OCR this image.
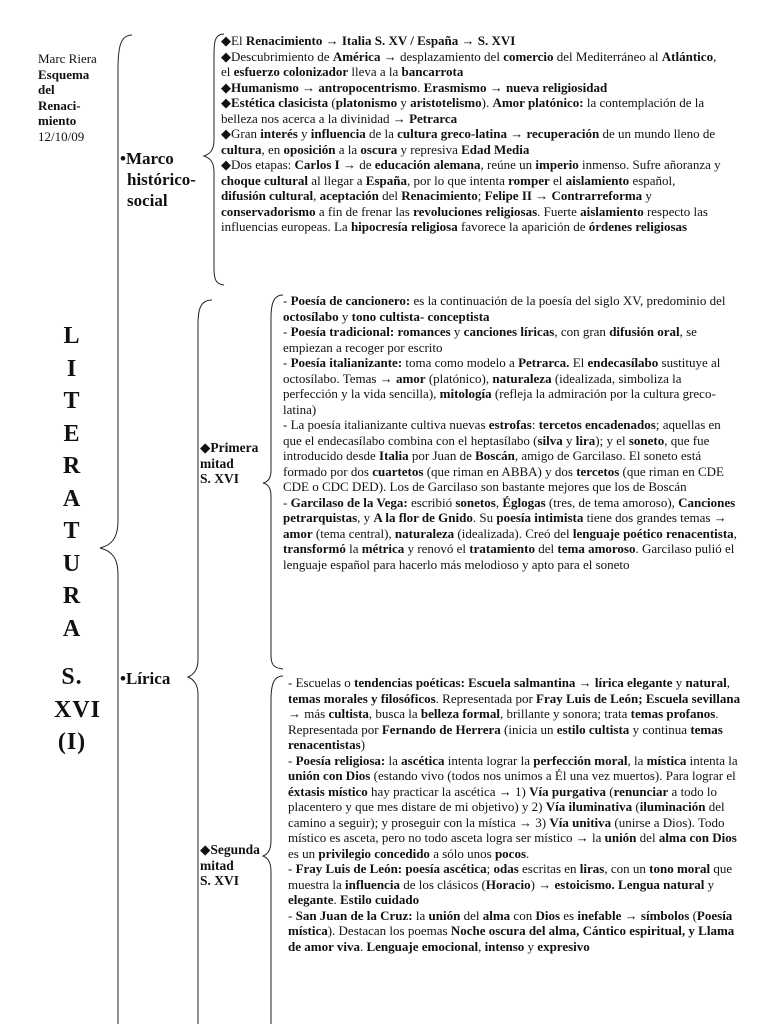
Marc Riera
Esquema
del
Renaci-
miento
12/10/09
L
I
T
E
R
A
T
U
R
A
S.
XVI
(I)
•Marco
histórico-
social

◆El Renacimiento → Italia S. XV / España → S. XVI

◆Descubrimiento de América → desplazamiento del comercio del Mediterráneo al Atlántico, el esfuerzo colonizador lleva a la bancarrota

◆Humanismo → antropocentrismo. Erasmismo → nueva religiosidad

◆Estética clasicista (platonismo y aristotelismo). Amor platónico: la contemplación de la belleza nos acerca a la divinidad → Petrarca

◆Gran interés y influencia de la cultura greco-latina → recuperación de un mundo lleno de cultura, en oposición a la oscura y represiva Edad Media

◆Dos etapas: Carlos I → de educación alemana, reúne un imperio inmenso. Sufre añoranza y choque cultural al llegar a España, por lo que intenta romper el aislamiento español, difusión cultural, aceptación del Renacimiento; Felipe II → Contrarreforma y conservadorismo a fin de frenar las revoluciones religiosas. Fuerte aislamiento respecto las influencias europeas. La hipocresía religiosa favorece la aparición de órdenes religiosas

•Lírica
◆Primera
mitad
S. XVI

- Poesía de cancionero: es la continuación de la poesía del siglo XV, predominio del octosílabo y tono cultista- conceptista

- Poesía tradicional: romances y canciones líricas, con gran difusión oral, se empiezan a recoger por escrito

- Poesía italianizante: toma como modelo a Petrarca. El endecasílabo sustituye al octosílabo. Temas → amor (platónico), naturaleza (idealizada, simboliza la perfección y la vida sencilla), mitología (refleja la admiración por la cultura greco-latina)

- La poesía italianizante cultiva nuevas estrofas: tercetos encadenados; aquellas en que el endecasílabo combina con el heptasílabo (silva y lira); y el soneto, que fue introducido desde Italia por Juan de Boscán, amigo de Garcilaso. El soneto está formado por dos cuartetos (que riman en ABBA) y dos tercetos (que riman en CDE CDE o CDC DED). Los de Garcilaso son bastante mejores que los de Boscán

- Garcilaso de la Vega: escribió sonetos, Églogas (tres, de tema amoroso), Canciones petrarquistas, y A la flor de Gnido. Su poesía intimista tiene dos grandes temas → amor (tema central), naturaleza (idealizada). Creó del lenguaje poético renacentista, transformó la métrica y renovó el tratamiento del tema amoroso. Garcilaso pulió el lenguaje español para hacerlo más melodioso y apto para el soneto

◆Segunda
mitad
S. XVI

- Escuelas o tendencias poéticas: Escuela salmantina → lírica elegante y natural, temas morales y filosóficos. Representada por Fray Luis de León; Escuela sevillana → más cultista, busca la belleza formal, brillante y sonora; trata temas profanos. Representada por Fernando de Herrera (inicia un estilo cultista y continua temas renacentistas)

- Poesía religiosa: la ascética intenta lograr la perfección moral, la mística intenta la unión con Dios (estando vivo (todos nos unimos a Él una vez muertos). Para lograr el éxtasis místico hay practicar la ascética → 1) Vía purgativa (renunciar a todo lo placentero y que mes distare de mi objetivo) y 2) Vía iluminativa (iluminación del camino a seguir); y proseguir con la mística → 3) Vía unitiva (unirse a Dios). Todo místico es asceta, pero no todo asceta logra ser místico → la unión del alma con Dios es un privilegio concedido a sólo unos pocos.

- Fray Luis de León: poesía ascética; odas escritas en liras, con un tono moral que muestra la influencia de los clásicos (Horacio) → estoicismo. Lengua natural y elegante. Estilo cuidado

- San Juan de la Cruz: la unión del alma con Dios es inefable → símbolos (Poesía mística). Destacan los poemas Noche oscura del alma, Cántico espiritual, y Llama de amor viva. Lenguaje emocional, intenso y expresivo
